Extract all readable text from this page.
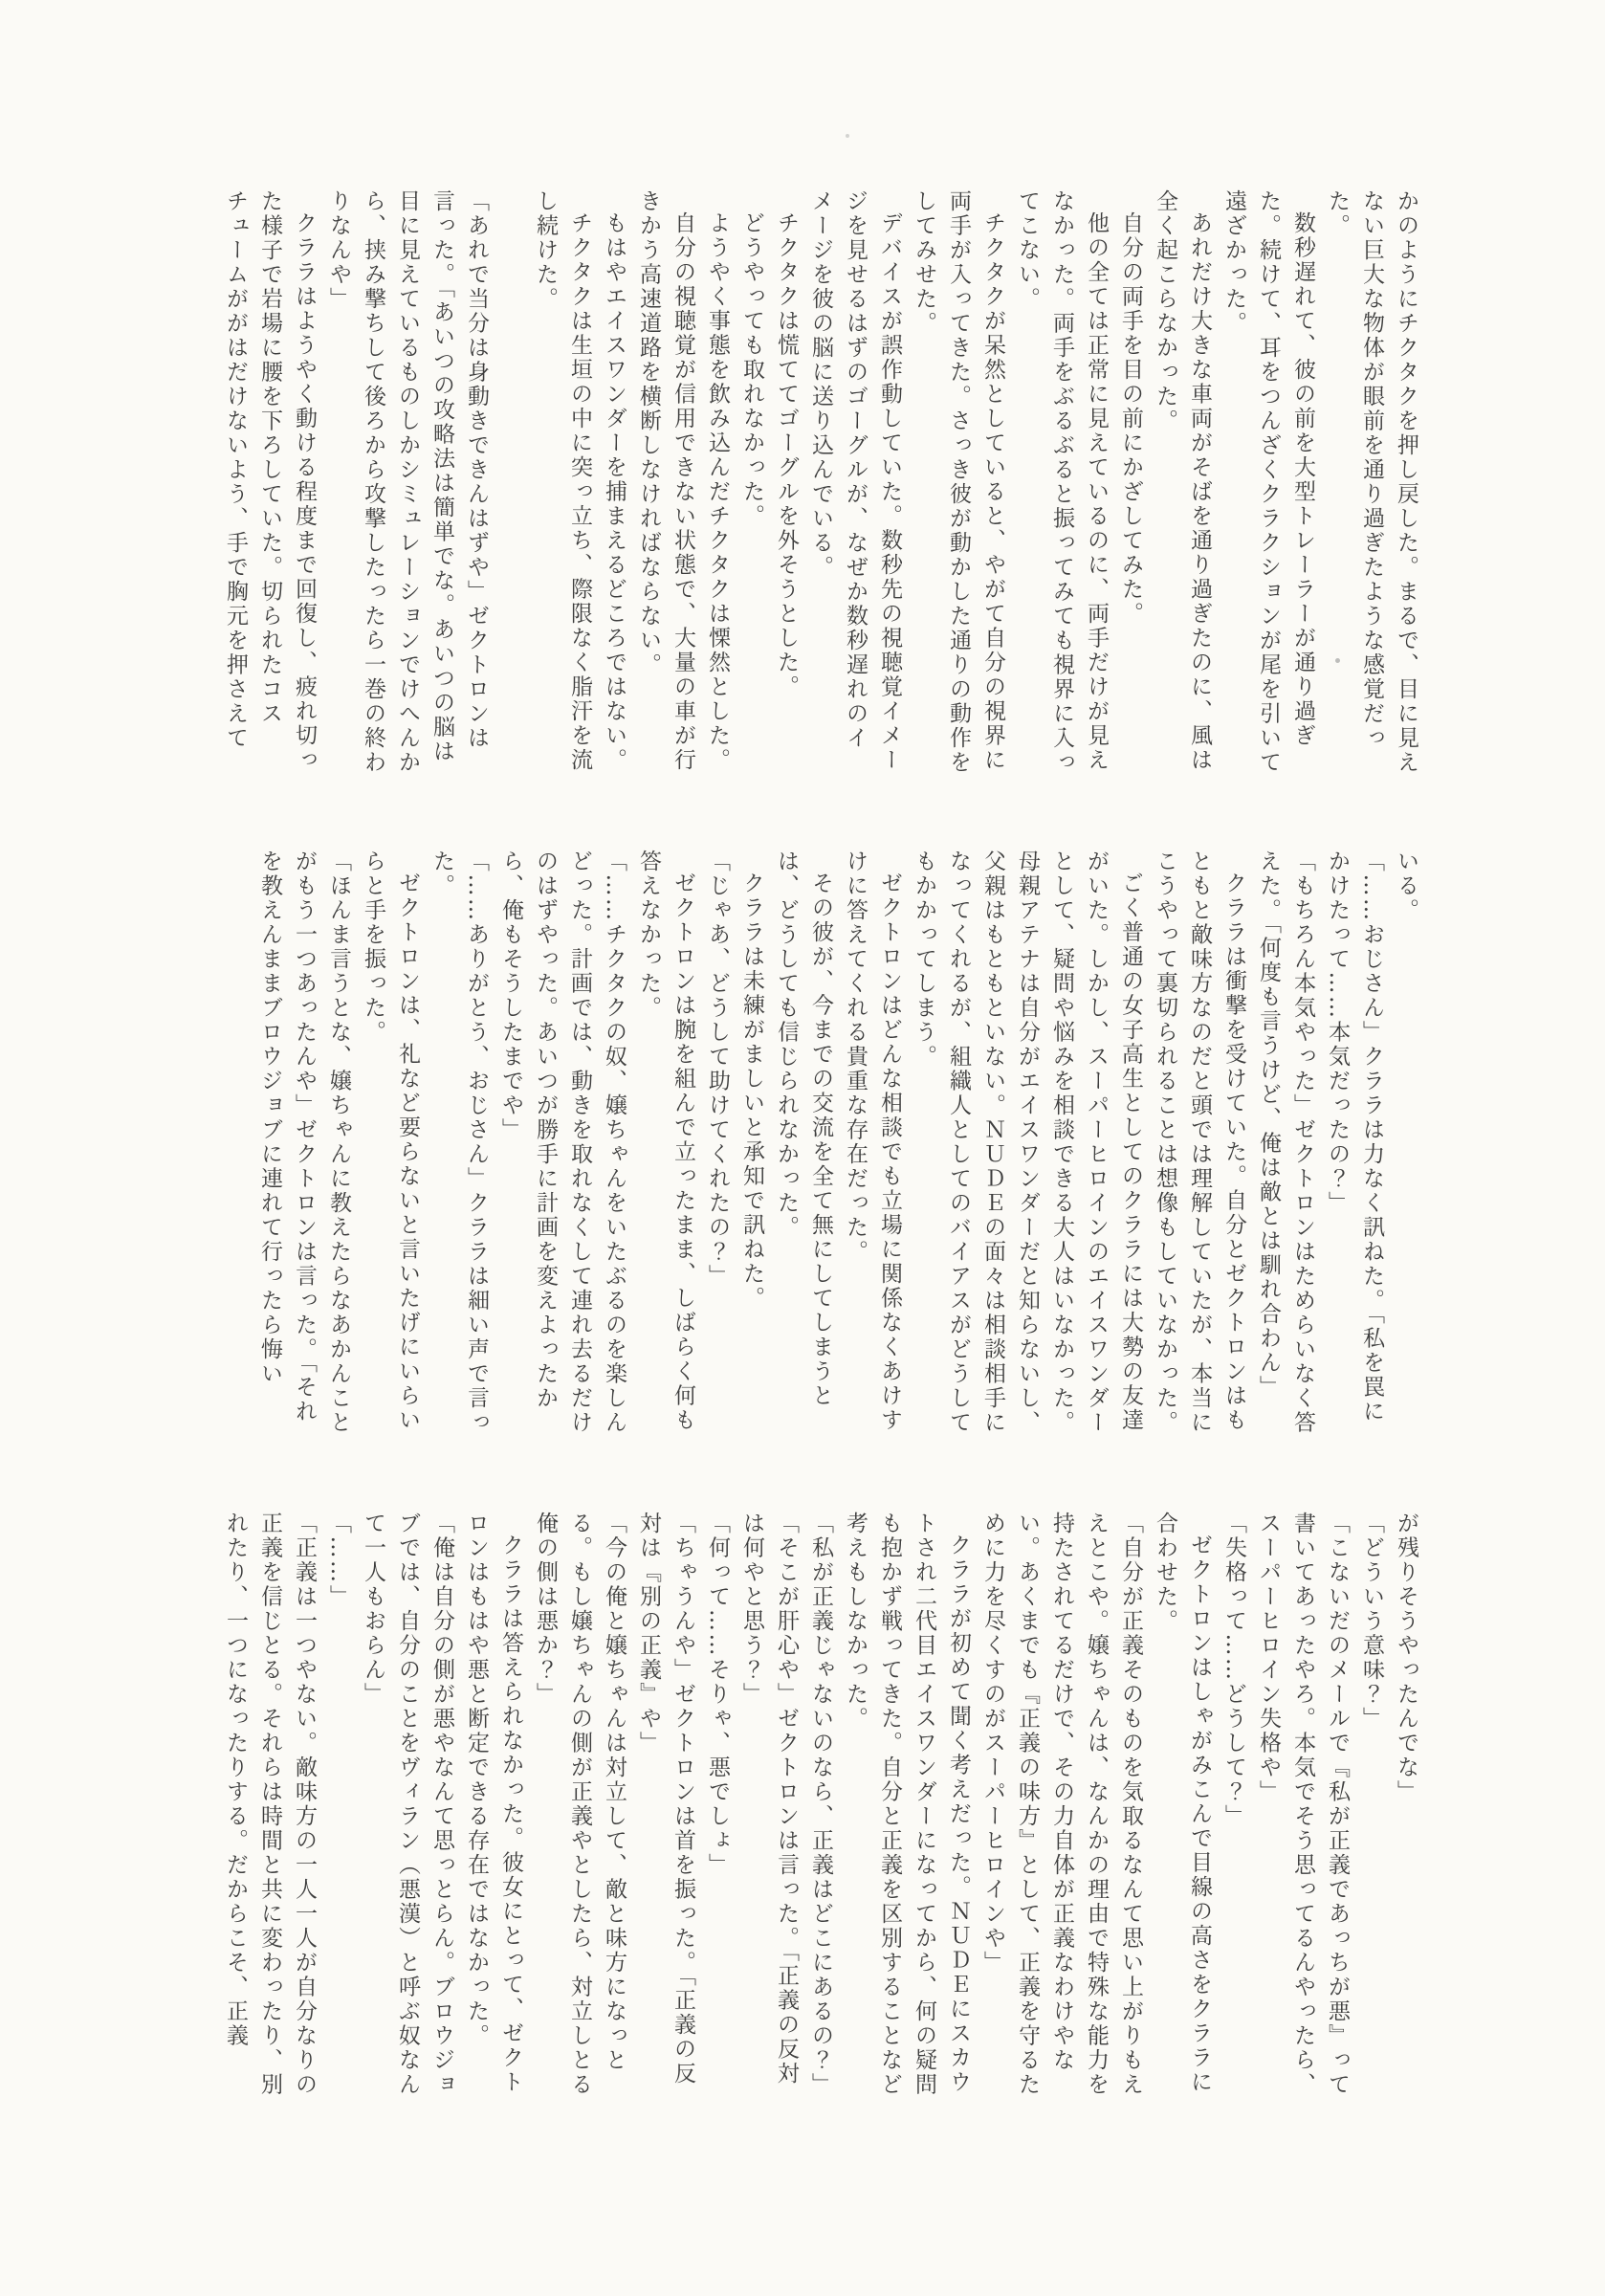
かのようにチクタクを押し戻した。まるで、目に見えない巨大な物体が眼前を通り過ぎたような感覚だった。

数秒遅れて、彼の前を大型トレーラーが通り過ぎた。続けて、耳をつんざくクラクションが尾を引いて遠ざかった。

あれだけ大きな車両がそばを通り過ぎたのに、風は全く起こらなかった。

自分の両手を目の前にかざしてみた。

他の全ては正常に見えているのに、両手だけが見えなかった。両手をぶるぶると振ってみても視界に入ってこない。

チクタクが呆然としていると、やがて自分の視界に両手が入ってきた。さっき彼が動かした通りの動作をしてみせた。

デバイスが誤作動していた。数秒先の視聴覚イメージを見せるはずのゴーグルが、なぜか数秒遅れのイメージを彼の脳に送り込んでいる。

チクタクは慌ててゴーグルを外そうとした。

どうやっても取れなかった。

ようやく事態を飲み込んだチクタクは慄然とした。

自分の視聴覚が信用できない状態で、大量の車が行きかう高速道路を横断しなければならない。

もはやエイスワンダーを捕まえるどころではない。

チクタクは生垣の中に突っ立ち、際限なく脂汗を流し続けた。

「あれで当分は身動きできんはずや」ゼクトロンは言った。「あいつの攻略法は簡単でな。あいつの脳は目に見えているものしかシミュレーションでけへんから、挟み撃ちして後ろから攻撃したったら一巻の終わりなんや」

クララはようやく動ける程度まで回復し、疲れ切った様子で岩場に腰を下ろしていた。切られたコスチュームががはだけないよう、手で胸元を押さえて

いる。

「……おじさん」クララは力なく訊ねた。「私を罠にかけたって……本気だったの？」

「もちろん本気やった」ゼクトロンはためらいなく答えた。「何度も言うけど、俺は敵とは馴れ合わん」

クララは衝撃を受けていた。自分とゼクトロンはもともと敵味方なのだと頭では理解していたが、本当にこうやって裏切られることは想像もしていなかった。

ごく普通の女子高生としてのクララには大勢の友達がいた。しかし、スーパーヒロインのエイスワンダーとして、疑問や悩みを相談できる大人はいなかった。母親アテナは自分がエイスワンダーだと知らないし、父親はもともといない。ＮＵＤＥの面々は相談相手になってくれるが、組織人としてのバイアスがどうしてもかかってしまう。

ゼクトロンはどんな相談でも立場に関係なくあけすけに答えてくれる貴重な存在だった。

その彼が、今までの交流を全て無にしてしまうとは、どうしても信じられなかった。

クララは未練がましいと承知で訊ねた。

「じゃあ、どうして助けてくれたの？」

ゼクトロンは腕を組んで立ったまま、しばらく何も答えなかった。

「……チクタクの奴、嬢ちゃんをいたぶるのを楽しんどった。計画では、動きを取れなくして連れ去るだけのはずやった。あいつが勝手に計画を変えよったから、俺もそうしたまでや」

「……ありがとう、おじさん」クララは細い声で言った。

ゼクトロンは、礼など要らないと言いたげにいらいらと手を振った。

「ほんま言うとな、嬢ちゃんに教えたらなあかんことがもう一つあったんや」ゼクトロンは言った。「それを教えんままブロウジョブに連れて行ったら悔い

が残りそうやったんでな」

「どういう意味？」

「こないだのメールで『私が正義であっちが悪』って書いてあったやろ。本気でそう思ってるんやったら、スーパーヒロイン失格や」

「失格って……どうして？」

ゼクトロンはしゃがみこんで目線の高さをクララに合わせた。

「自分が正義そのものを気取るなんて思い上がりもええとこや。嬢ちゃんは、なんかの理由で特殊な能力を持たされてるだけで、その力自体が正義なわけやない。あくまでも『正義の味方』として、正義を守るために力を尽くすのがスーパーヒロインや」

クララが初めて聞く考えだった。ＮＵＤＥにスカウトされ二代目エイスワンダーになってから、何の疑問も抱かず戦ってきた。自分と正義を区別することなど考えもしなかった。

「私が正義じゃないのなら、正義はどこにあるの？」

「そこが肝心や」ゼクトロンは言った。「正義の反対は何やと思う？」

「何って……そりゃ、悪でしょ」

「ちゃうんや」ゼクトロンは首を振った。「正義の反対は『別の正義』や」

「今の俺と嬢ちゃんは対立して、敵と味方になっとる。もし嬢ちゃんの側が正義やとしたら、対立しとる俺の側は悪か？」

クララは答えられなかった。彼女にとって、ゼクトロンはもはや悪と断定できる存在ではなかった。

「俺は自分の側が悪やなんて思っとらん。ブロウジョブでは、自分のことをヴィラン（悪漢）と呼ぶ奴なんて一人もおらん」

「……」

「正義は一つやない。敵味方の一人一人が自分なりの正義を信じとる。それらは時間と共に変わったり、別れたり、一つになったりする。だからこそ、正義
